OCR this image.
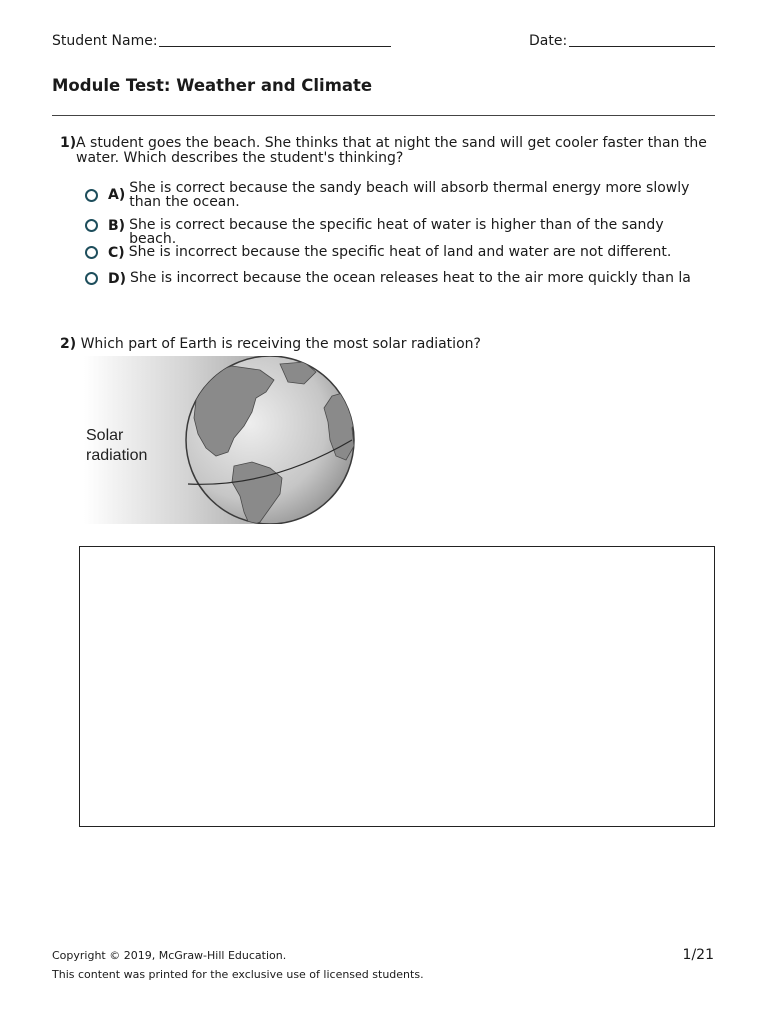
Student Name:	Date:
Module Test: Weather and Climate
1) A student goes the beach. She thinks that at night the sand will get cooler faster than the water. Which describes the student's thinking?
A) She is correct because the sandy beach will absorb thermal energy more slowly than the ocean.
B) She is correct because the specific heat of water is higher than of the sandy beach.
C) She is incorrect because the specific heat of land and water are not different.
D) She is incorrect because the ocean releases heat to the air more quickly than la
2) Which part of Earth is receiving the most solar radiation?
Solar
radiation
Copyright © 2019, McGraw-Hill Education.
This content was printed for the exclusive use of licensed students.
1/21
